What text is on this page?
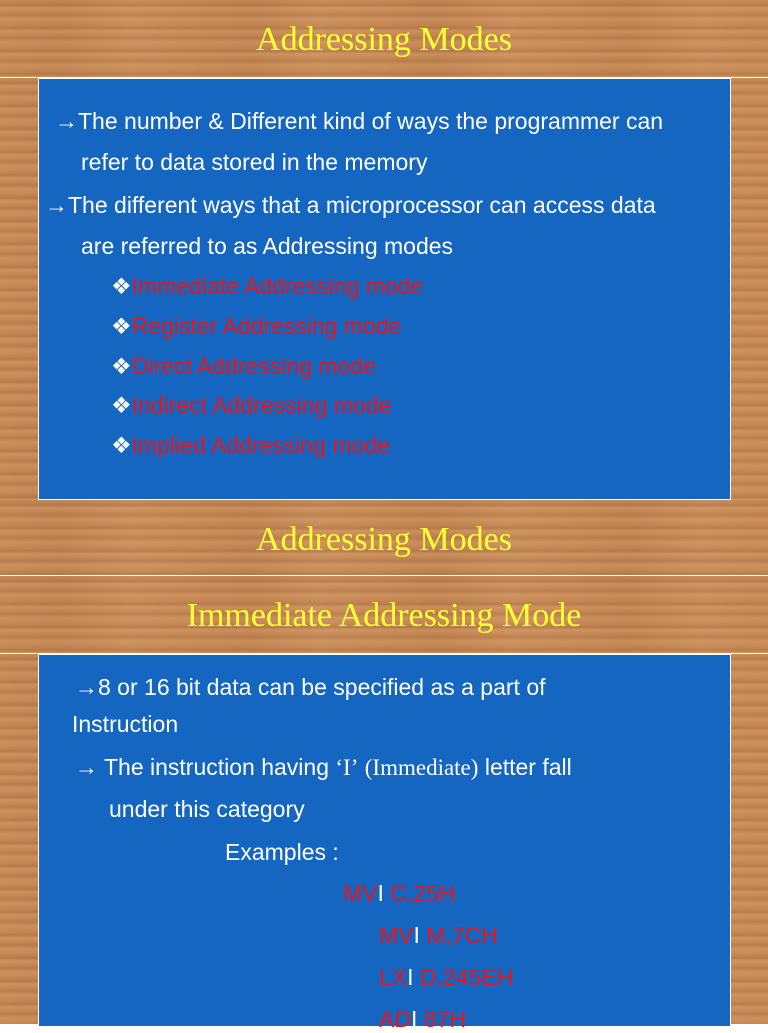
Addressing Modes
→The number & Different kind of ways the programmer can
refer to data stored in the memory
→The different ways that a microprocessor can access data
are referred to as Addressing modes
❖Immediate Addressing mode
❖Register Addressing mode
❖Direct Addressing mode
❖Indirect Addressing mode
❖Implied Addressing mode
Addressing Modes
Immediate Addressing Mode
→8 or 16 bit data can be specified as a part of
Instruction
→ The instruction having ‘I’ (Immediate) letter fall
under this category
Examples :
MVI C,25H
MVI M,7CH
LXI D,245EH
ADI 87H
